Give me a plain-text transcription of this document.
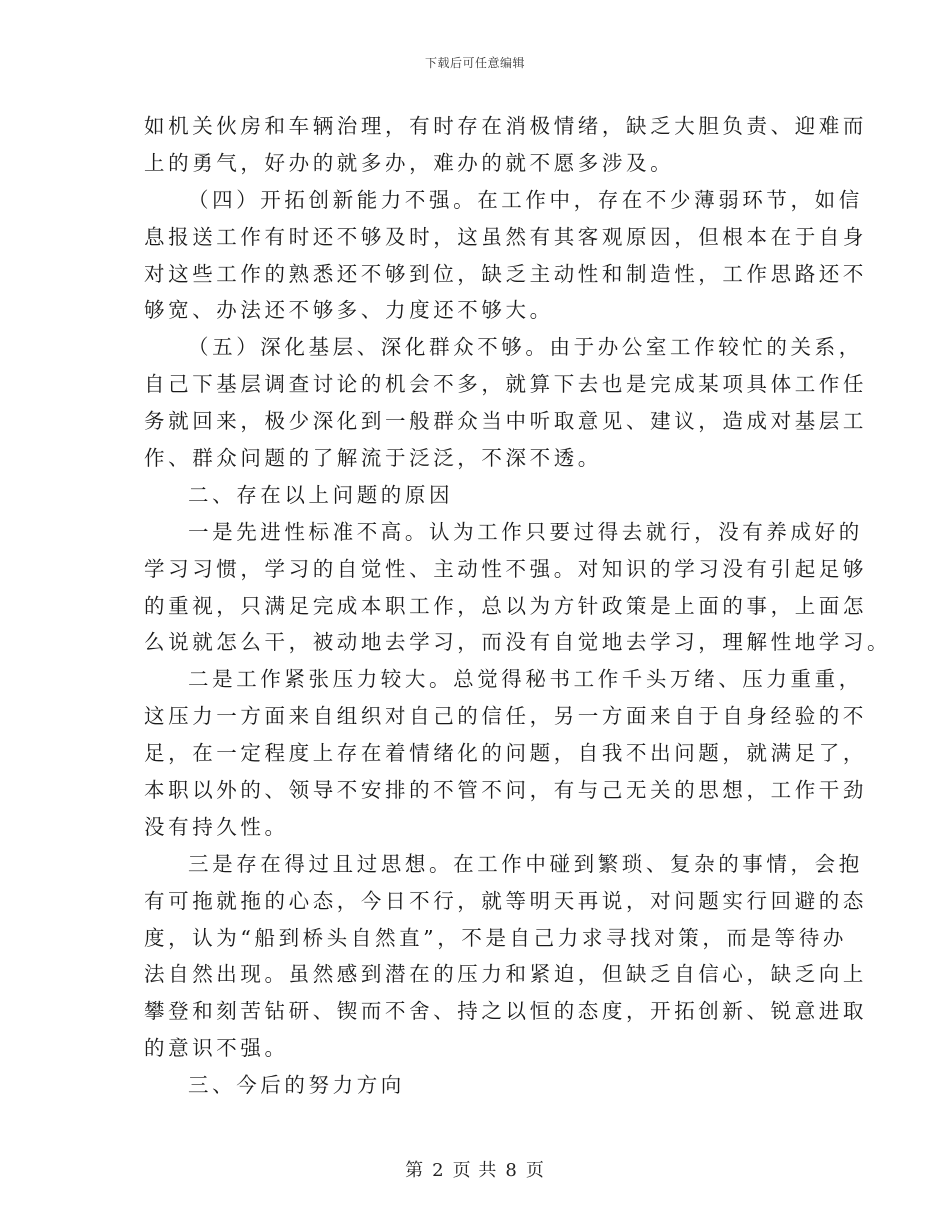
下载后可任意编辑
如机关伙房和车辆治理，有时存在消极情绪，缺乏大胆负责、迎难而
上的勇气，好办的就多办，难办的就不愿多涉及。
（四）开拓创新能力不强。在工作中，存在不少薄弱环节，如信
息报送工作有时还不够及时，这虽然有其客观原因，但根本在于自身
对这些工作的熟悉还不够到位，缺乏主动性和制造性，工作思路还不
够宽、办法还不够多、力度还不够大。
（五）深化基层、深化群众不够。由于办公室工作较忙的关系，
自己下基层调查讨论的机会不多，就算下去也是完成某项具体工作任
务就回来，极少深化到一般群众当中听取意见、建议，造成对基层工
作、群众问题的了解流于泛泛，不深不透。
二、存在以上问题的原因
一是先进性标准不高。认为工作只要过得去就行，没有养成好的
学习习惯，学习的自觉性、主动性不强。对知识的学习没有引起足够
的重视，只满足完成本职工作，总以为方针政策是上面的事，上面怎
么说就怎么干，被动地去学习，而没有自觉地去学习，理解性地学习。
二是工作紧张压力较大。总觉得秘书工作千头万绪、压力重重，
这压力一方面来自组织对自己的信任，另一方面来自于自身经验的不
足，在一定程度上存在着情绪化的问题，自我不出问题，就满足了，
本职以外的、领导不安排的不管不问，有与己无关的思想，工作干劲
没有持久性。
三是存在得过且过思想。在工作中碰到繁琐、复杂的事情，会抱
有可拖就拖的心态，今日不行，就等明天再说，对问题实行回避的态
度，认为“船到桥头自然直”，不是自己力求寻找对策，而是等待办
法自然出现。虽然感到潜在的压力和紧迫，但缺乏自信心，缺乏向上
攀登和刻苦钻研、锲而不舍、持之以恒的态度，开拓创新、锐意进取
的意识不强。
三、今后的努力方向
第 2 页 共 8 页
